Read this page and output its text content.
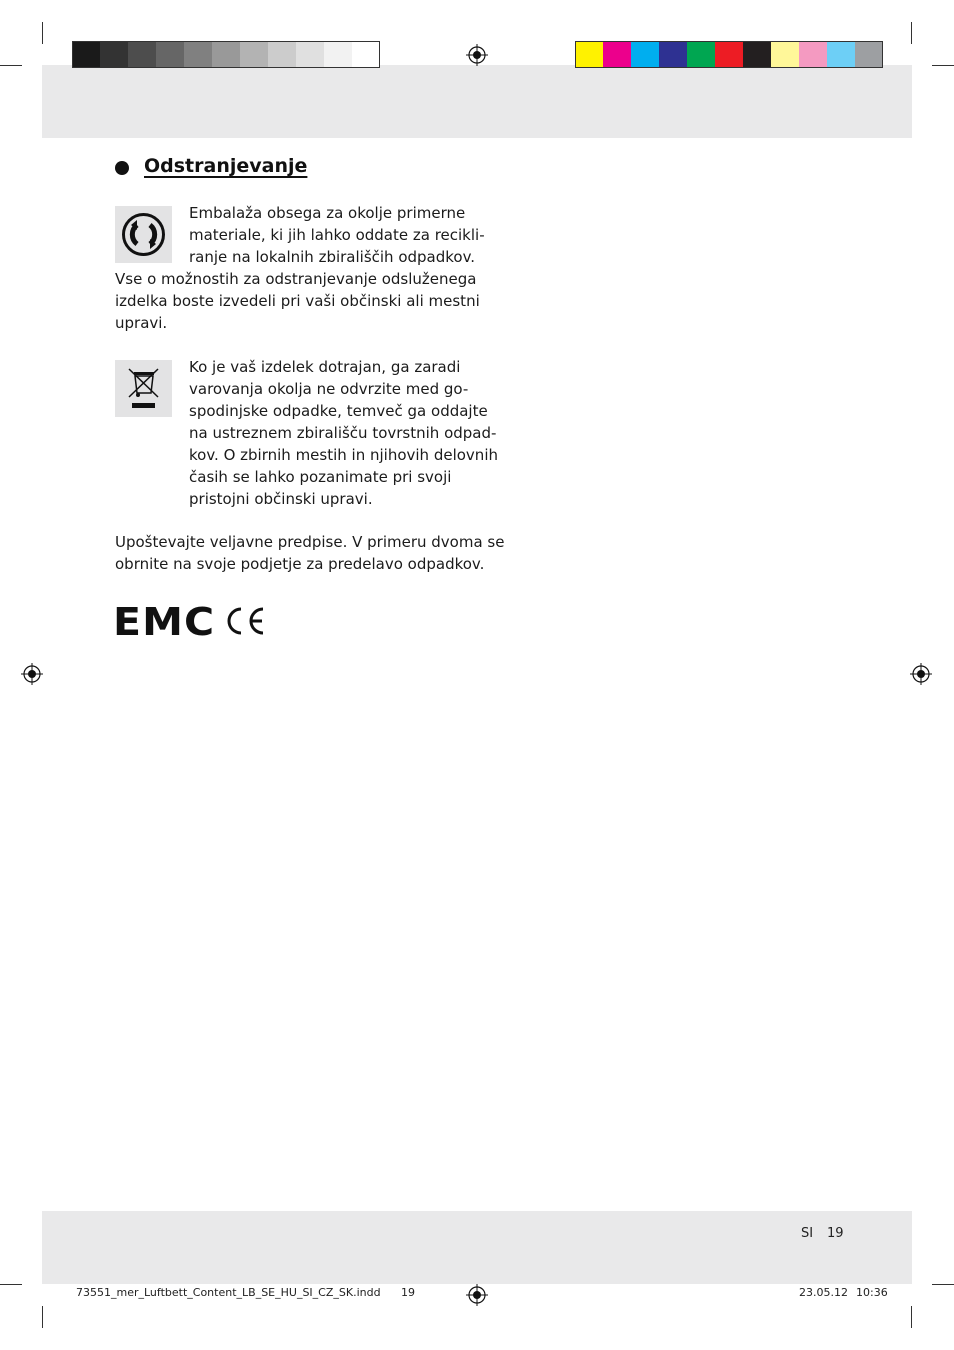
Odstranjevanje
Embalaža obsega za okolje primerne
materiale, ki jih lahko oddate za recikli-
ranje na lokalnih zbirališčih odpadkov.
Vse o možnostih za odstranjevanje odsluženega
izdelka boste izvedeli pri vaši občinski ali mestni
upravi.
Ko je vaš izdelek dotrajan, ga zaradi
varovanja okolja ne odvrzite med go-
spodinjske odpadke, temveč ga oddajte
na ustreznem zbirališču tovrstnih odpad-
kov. O zbirnih mestih in njihovih delovnih
časih se lahko pozanimate pri svoji
pristojni občinski upravi.
Upoštevajte veljavne predpise. V primeru dvoma se
obrnite na svoje podjetje za predelavo odpadkov.
EMC
SI 19
73551_mer_Luftbett_Content_LB_SE_HU_SI_CZ_SK.indd 19	23.05.12 10:36
